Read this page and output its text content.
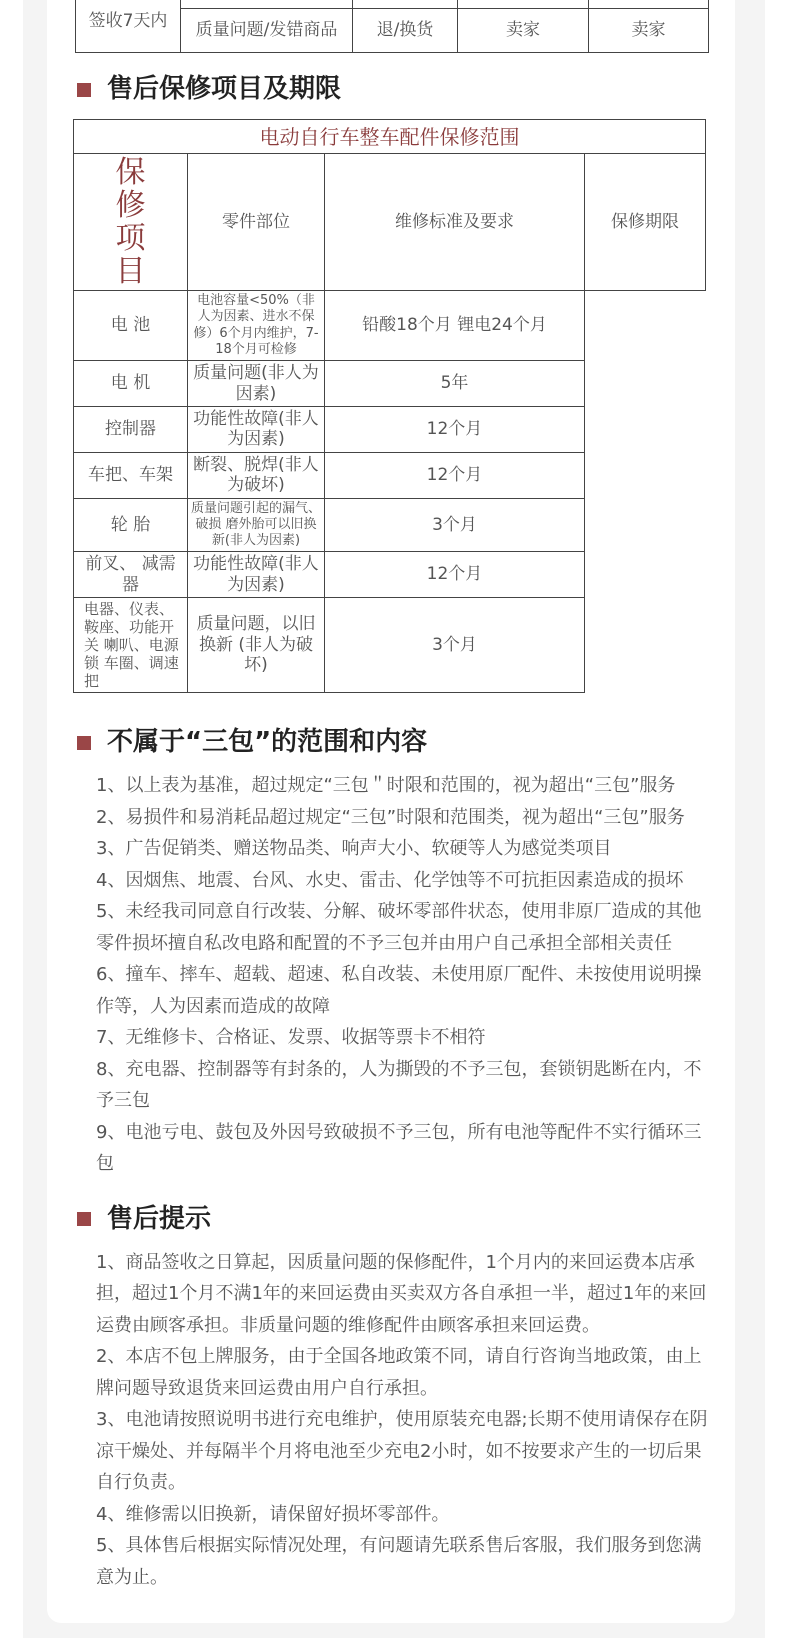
签收7天内				
	质量问题/发错商品	退/换货	卖家	卖家
售后保修项目及期限
电动自行车整车配件保修范围			

保修项目	零件部位	维修标准及要求	保修期限
电 池	电池容量<50%（非人为因素、进水不保修）6个月内维护，7-18个月可检修	铅酸18个月 锂电24个月	
电 机	质量问题(非人为因素)	5年	
控制器	功能性故障(非人为因素)	12个月	
车把、车架	断裂、脱焊(非人为破坏)	12个月	
轮 胎	质量问题引起的漏气、破损 磨外胎可以旧换新(非人为因素)	3个月	
前叉、 减需器	功能性故障(非人为因素)	12个月	
电器、仪表、 鞍座、功能开关 喇叭、电源锁 车圈、调速把	质量问题，以旧换新 (非人为破坏)	3个月	
不属于“三包”的范围和内容

1、以上表为基准，超过规定“三包＂时限和范围的，视为超出“三包”服务

2、易损件和易消耗品超过规定“三包”时限和范围类，视为超出“三包”服务

3、广告促销类、赠送物品类、响声大小、软硬等人为感觉类项目

4、因烟焦、地震、台风、水史、雷击、化学蚀等不可抗拒因素造成的损坏

5、未经我司同意自行改装、分解、破坏零部件状态，使用非原厂造成的其他零件损坏擅自私改电路和配置的不予三包并由用户自己承担全部相关责任

6、撞车、摔车、超载、超速、私自改装、未使用原厂配件、未按使用说明操作等，人为因素而造成的故障

7、无维修卡、合格证、发票、收据等票卡不相符

8、充电器、控制器等有封条的，人为撕毁的不予三包，套锁钥匙断在内，不予三包

9、电池亏电、鼓包及外因号致破损不予三包，所有电池等配件不实行循环三包

售后提示

1、商品签收之日算起，因质量问题的保修配件，1个月内的来回运费本店承担，超过1个月不满1年的来回运费由买卖双方各自承担一半，超过1年的来回运费由顾客承担。非质量问题的维修配件由顾客承担来回运费。

2、本店不包上牌服务，由于全国各地政策不同，请自行咨询当地政策，由上牌问题导致退货来回运费由用户自行承担。

3、电池请按照说明书进行充电维护，使用原装充电器;长期不使用请保存在阴凉干燥处、并每隔半个月将电池至少充电2小时，如不按要求产生的一切后果自行负责。

4、维修需以旧换新，请保留好损坏零部件。

5、具体售后根据实际情况处理，有问题请先联系售后客服，我们服务到您满意为止。
